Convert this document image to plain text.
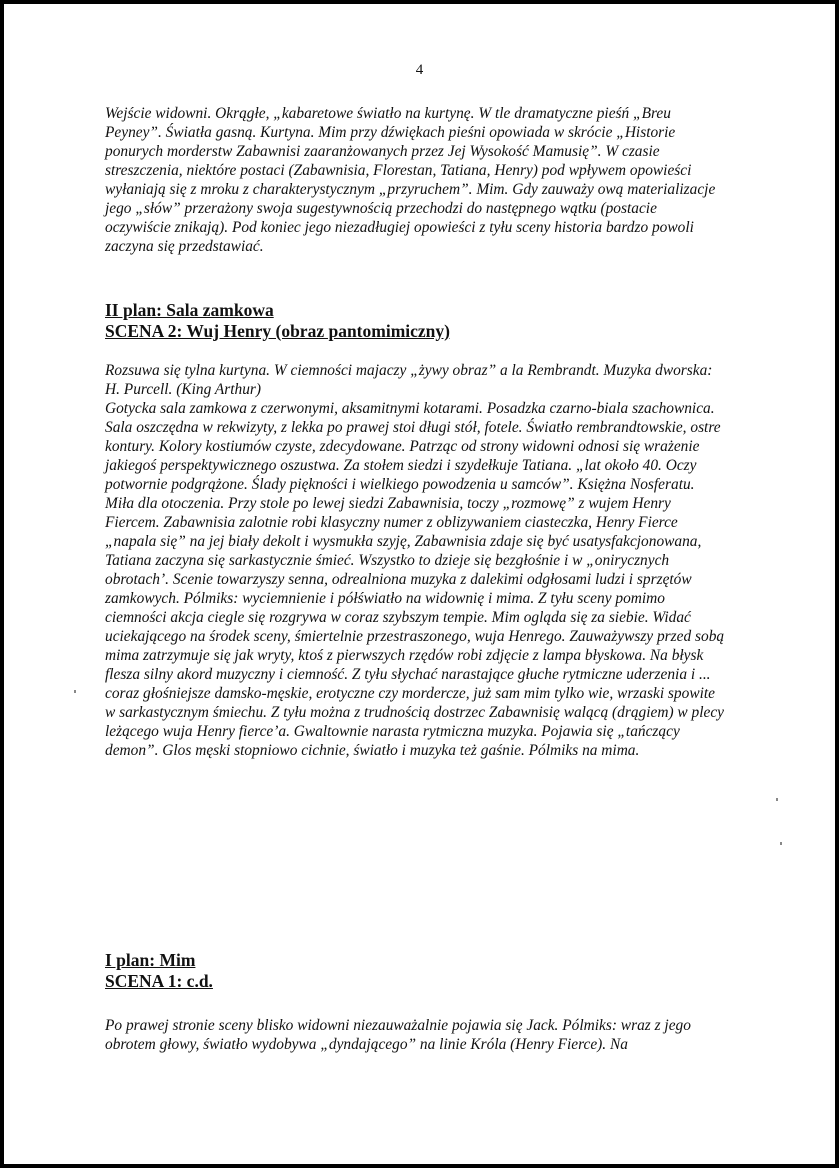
4

Wejście widowni. Okrągłe, „kabaretowe światło na kurtynę. W tle dramatyczne pieśń „Breu Peyney”. Światła gasną. Kurtyna. Mim przy dźwiękach pieśni opowiada w skrócie „Historie ponurych morderstw Zabawnisi zaaranżowanych przez Jej Wysokość Mamusię”. W czasie streszczenia, niektóre postaci (Zabawnisia, Florestan, Tatiana, Henry) pod wpływem opowieści wyłaniają się z mroku z charakterystycznym „przyruchem”. Mim. Gdy zauważy ową materializacje jego „słów” przerażony swoja sugestywnością przechodzi do następnego wątku (postacie oczywiście znikają). Pod koniec jego niezadługiej opowieści z tyłu sceny historia bardzo powoli zaczyna się przedstawiać.

II plan: Sala zamkowa
SCENA 2: Wuj Henry (obraz pantomimiczny)

Rozsuwa się tylna kurtyna. W ciemności majaczy „żywy obraz” a la Rembrandt. Muzyka dworska: H. Purcell. (King Arthur)

Gotycka sala zamkowa z czerwonymi, aksamitnymi kotarami. Posadzka czarno-biala szachownica. Sala oszczędna w rekwizyty, z lekka po prawej stoi długi stół, fotele. Światło rembrandtowskie, ostre kontury. Kolory kostiumów czyste, zdecydowane. Patrząc od strony widowni odnosi się wrażenie jakiegoś perspektywicznego oszustwa. Za stołem siedzi i szydełkuje Tatiana. „lat około 40. Oczy potwornie podgrążone. Ślady piękności i wielkiego powodzenia u samców”. Księżna Nosferatu. Miła dla otoczenia. Przy stole po lewej siedzi Zabawnisia, toczy „rozmowę” z wujem Henry Fiercem. Zabawnisia zalotnie robi klasyczny numer z oblizywaniem ciasteczka, Henry Fierce „napala się” na jej biały dekolt i wysmukła szyję, Zabawnisia zdaje się być usatysfakcjonowana, Tatiana zaczyna się sarkastycznie śmieć. Wszystko to dzieje się bezgłośnie i w „onirycznych obrotach’. Scenie towarzyszy senna, odrealniona muzyka z dalekimi odgłosami ludzi i sprzętów zamkowych. Pólmiks: wyciemnienie i półświatło na widownię i mima. Z tyłu sceny pomimo ciemności akcja ciegle się rozgrywa w coraz szybszym tempie. Mim ogląda się za siebie. Widać uciekającego na środek sceny, śmiertelnie przestraszonego, wuja Henrego. Zauważywszy przed sobą mima zatrzymuje się jak wryty, ktoś z pierwszych rzędów robi zdjęcie z lampa błyskowa. Na błysk flesza silny akord muzyczny i ciemność. Z tyłu słychać narastające głuche rytmiczne uderzenia i ... coraz głośniejsze damsko-męskie, erotyczne czy mordercze, już sam mim tylko wie, wrzaski spowite w sarkastycznym śmiechu. Z tyłu można z trudnością dostrzec Zabawnisię walącą (drągiem) w plecy leżącego wuja Henry fierce’a. Gwaltownie narasta rytmiczna muzyka. Pojawia się „tańczący demon”. Glos męski stopniowo cichnie, światło i muzyka też gaśnie. Pólmiks na mima.

I plan: Mim
SCENA 1: c.d.

Po prawej stronie sceny blisko widowni niezauważalnie pojawia się Jack. Pólmiks: wraz z jego obrotem głowy, światło wydobywa „dyndającego” na linie Króla (Henry Fierce). Na
